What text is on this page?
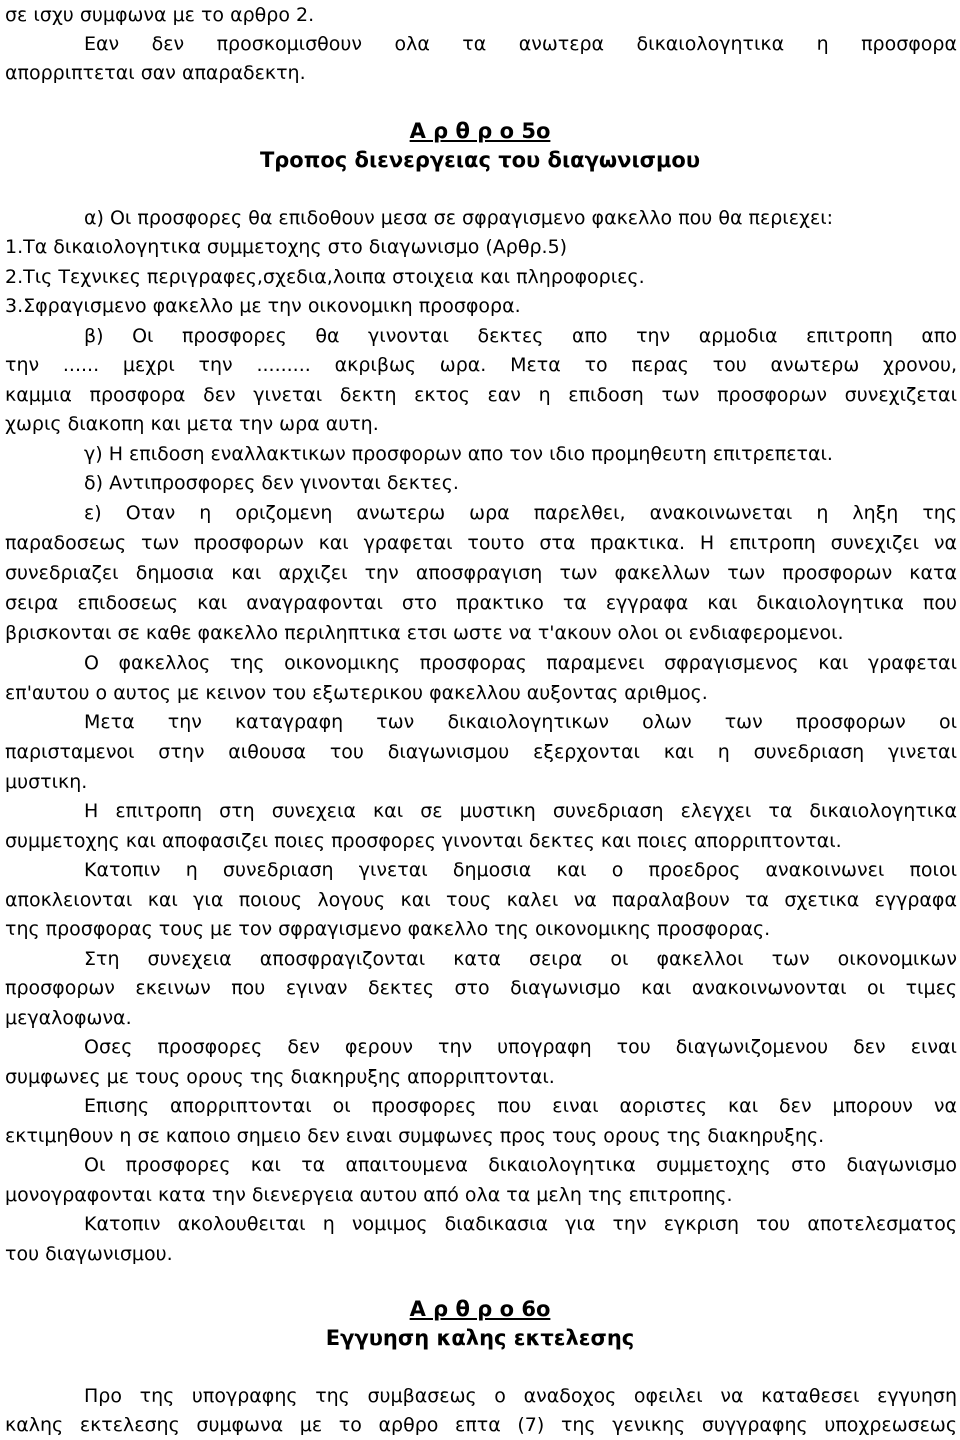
σε ισχυ συμφωνα με το αρθρο 2.
Εαν δεν προσκομισθουν ολα τα ανωτερα δικαιολογητικα η προσφορα
απορριπτεται σαν απαραδεκτη.
Α ρ θ ρ ο 5ο
Τροπος διενεργειας του διαγωνισμου
α) Οι προσφορες θα επιδοθουν μεσα σε σφραγισμενο φακελλο που θα περιεχει:
1.Τα δικαιολογητικα συμμετοχης στο διαγωνισμο (Αρθρ.5)
2.Τις Τεχνικες περιγραφες,σχεδια,λοιπα στοιχεια και πληροφοριες.
3.Σφραγισμενο φακελλο με την οικονομικη προσφορα.
β) Οι προσφορες θα γινονται δεκτες απο την αρμοδια επιτροπη απο
την ...... μεχρι την ......... ακριβως ωρα. Μετα το περας του ανωτερω χρονου,
καμμια προσφορα δεν γινεται δεκτη εκτος εαν η επιδοση των προσφορων συνεχιζεται
χωρις διακοπη και μετα την ωρα αυτη.
γ) Η επιδοση εναλλακτικων προσφορων απο τον ιδιο προμηθευτη επιτρεπεται.
δ) Αντιπροσφορες δεν γινονται δεκτες.
ε) Οταν η οριζομενη ανωτερω ωρα παρελθει, ανακοινωνεται η ληξη της
παραδοσεως των προσφορων και γραφεται τουτο στα πρακτικα. Η επιτροπη συνεχιζει να
συνεδριαζει δημοσια και αρχιζει την αποσφραγιση των φακελλων των προσφορων κατα
σειρα επιδοσεως και αναγραφονται στο πρακτικο τα εγγραφα και δικαιολογητικα που
βρισκονται σε καθε φακελλο περιληπτικα ετσι ωστε να τ'ακουν ολοι οι ενδιαφερομενοι.
Ο φακελλος της οικονομικης προσφορας παραμενει σφραγισμενος και γραφεται
επ'αυτου ο αυτος με κεινον του εξωτερικου φακελλου αυξοντας αριθμος.
Μετα την καταγραφη των δικαιολογητικων ολων των προσφορων οι
παρισταμενοι στην αιθουσα του διαγωνισμου εξερχονται και η συνεδριαση γινεται
μυστικη.
Η επιτροπη στη συνεχεια και σε μυστικη συνεδριαση ελεγχει τα δικαιολογητικα
συμμετοχης και αποφασιζει ποιες προσφορες γινονται δεκτες και ποιες απορριπτονται.
Κατοπιν η συνεδριαση γινεται δημοσια και ο προεδρος ανακοινωνει ποιοι
αποκλειονται και για ποιους λογους και τους καλει να παραλαβουν τα σχετικα εγγραφα
της προσφορας τους με τον σφραγισμενο φακελλο της οικονομικης προσφορας.
Στη συνεχεια αποσφραγιζονται κατα σειρα οι φακελλοι των οικονομικων
προσφορων εκεινων που εγιναν δεκτες στο διαγωνισμο και ανακοινωνονται οι τιμες
μεγαλοφωνα.
Οσες προσφορες δεν φερουν την υπογραφη του διαγωνιζομενου δεν ειναι
συμφωνες με τους ορους της διακηρυξης απορριπτονται.
Επισης απορριπτονται οι προσφορες που ειναι αοριστες και δεν μπορουν να
εκτιμηθουν η σε καποιο σημειο δεν ειναι συμφωνες προς τους ορους της διακηρυξης.
Οι προσφορες και τα απαιτουμενα δικαιολογητικα συμμετοχης στο διαγωνισμο
μονογραφονται κατα την διενεργεια αυτου από ολα τα μελη της επιτροπης.
Κατοπιν ακολουθειται η νομιμος διαδικασια για την εγκριση του αποτελεσματος
του διαγωνισμου.
Α ρ θ ρ ο 6ο
Εγγυηση καλης εκτελεσης
Προ της υπογραφης της συμβασεως ο αναδοχος οφειλει να καταθεσει εγγυηση
καλης εκτελεσης συμφωνα με το αρθρο επτα (7) της γενικης συγγραφης υποχρεωσεως
